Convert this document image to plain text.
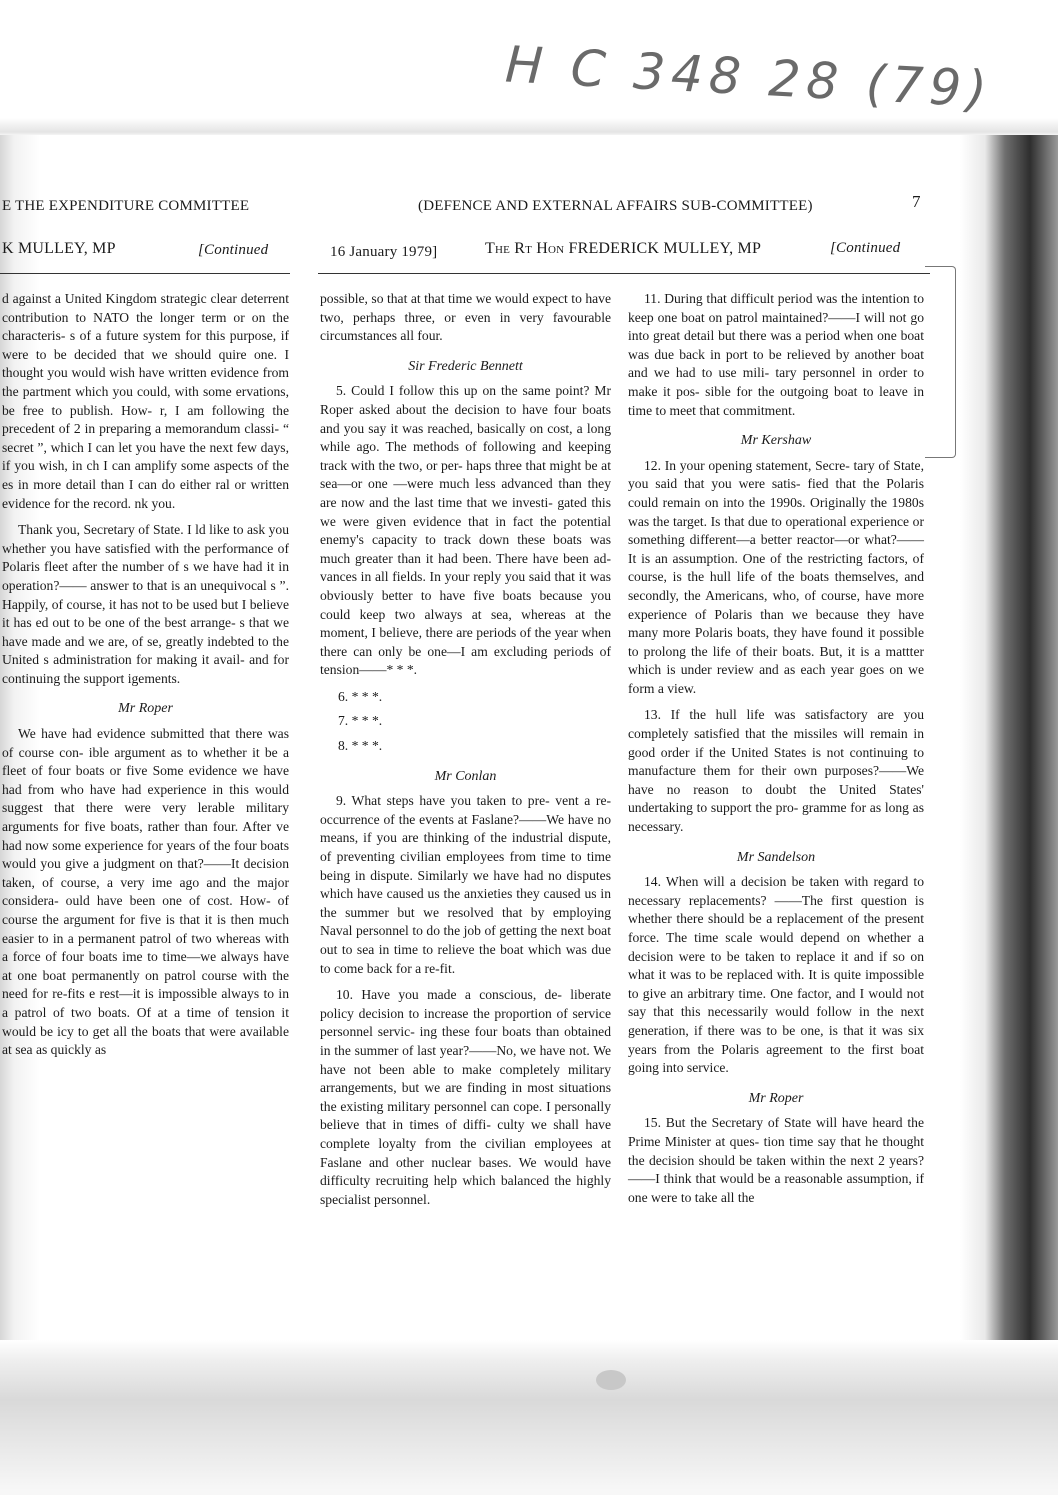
H C 348 28 (79)
E THE EXPENDITURE COMMITTEE	(DEFENCE AND EXTERNAL AFFAIRS SUB-COMMITTEE)	7
K MULLEY, MP	[Continued	16 January 1979]	The Rt Hon FREDERICK MULLEY, MP	[Continued

d against a United Kingdom strategic clear deterrent contribution to NATO the longer term or on the characteris- s of a future system for this purpose, if were to be decided that we should quire one. I thought you would wish have written evidence from the partment which you could, with some ervations, be free to publish. How- r, I am following the precedent of 2 in preparing a memorandum classi- “ secret ”, which I can let you have the next few days, if you wish, in ch I can amplify some aspects of the es in more detail than I can do either ral or written evidence for the record. nk you.

Thank you, Secretary of State. I ld like to ask you whether you have satisfied with the performance of Polaris fleet after the number of s we have had it in operation?—— answer to that is an unequivocal s ”. Happily, of course, it has not to be used but I believe it has ed out to be one of the best arrange- s that we have made and we are, of se, greatly indebted to the United s administration for making it avail- and for continuing the support igements.

Mr Roper

We have had evidence submitted that there was of course con- ible argument as to whether it be a fleet of four boats or five Some evidence we have had from who have had experience in this would suggest that there were very lerable military arguments for five boats, rather than four. After ve had now some experience for years of the four boats would you give a judgment on that?——It decision taken, of course, a very ime ago and the major considera- ould have been one of cost. How- of course the argument for five is that it is then much easier to in a permanent patrol of two whereas with a force of four boats ime to time—we always have at one boat permanently on patrol course with the need for re-fits e rest—it is impossible always to in a patrol of two boats. Of at a time of tension it would be icy to get all the boats that were available at sea as quickly as

possible, so that at that time we would expect to have two, perhaps three, or even in very favourable circumstances all four.

Sir Frederic Bennett

5. Could I follow this up on the same point? Mr Roper asked about the decision to have four boats and you say it was reached, basically on cost, a long while ago. The methods of following and keeping track with the two, or per- haps three that might be at sea—or one —were much less advanced than they are now and the last time that we investi- gated this we were given evidence that in fact the potential enemy's capacity to track down these boats was much greater than it had been. There have been ad- vances in all fields. In your reply you said that it was obviously better to have five boats because you could keep two always at sea, whereas at the moment, I believe, there are periods of the year when there can only be one—I am excluding periods of tension——* * *.

6. * * *.

7. * * *.

8. * * *.

Mr Conlan

9. What steps have you taken to pre- vent a re-occurrence of the events at Faslane?——We have no means, if you are thinking of the industrial dispute, of preventing civilian employees from time to time being in dispute. Similarly we have had no disputes which have caused us the anxieties they caused us in the summer but we resolved that by employing Naval personnel to do the job of getting the next boat out to sea in time to relieve the boat which was due to come back for a re-fit.

10. Have you made a conscious, de- liberate policy decision to increase the proportion of service personnel servic- ing these four boats than obtained in the summer of last year?——No, we have not. We have not been able to make completely military arrangements, but we are finding in most situations the existing military personnel can cope. I personally believe that in times of diffi- culty we shall have complete loyalty from the civilian employees at Faslane and other nuclear bases. We would have difficulty recruiting help which balanced the highly specialist personnel.

11. During that difficult period was the intention to keep one boat on patrol maintained?——I will not go into great detail but there was a period when one boat was due back in port to be relieved by another boat and we had to use mili- tary personnel in order to make it pos- sible for the outgoing boat to leave in time to meet that commitment.

Mr Kershaw

12. In your opening statement, Secre- tary of State, you said that you were satis- fied that the Polaris could remain on into the 1990s. Originally the 1980s was the target. Is that due to operational experience or something different—a better reactor—or what?——It is an assumption. One of the restricting factors, of course, is the hull life of the boats themselves, and secondly, the Americans, who, of course, have more experience of Polaris than we because they have many more Polaris boats, they have found it possible to prolong the life of their boats. But, it is a mattter which is under review and as each year goes on we form a view.

13. If the hull life was satisfactory are you completely satisfied that the missiles will remain in good order if the United States is not continuing to manufacture them for their own purposes?——We have no reason to doubt the United States' undertaking to support the pro- gramme for as long as necessary.

Mr Sandelson

14. When will a decision be taken with regard to necessary replacements? ——The first question is whether there should be a replacement of the present force. The time scale would depend on whether a decision were to be taken to replace it and if so on what it was to be replaced with. It is quite impossible to give an arbitrary time. One factor, and I would not say that this necessarily would follow in the next generation, if there was to be one, is that it was six years from the Polaris agreement to the first boat going into service.

Mr Roper

15. But the Secretary of State will have heard the Prime Minister at ques- tion time say that he thought the decision should be taken within the next 2 years? ——I think that would be a reasonable assumption, if one were to take all the
